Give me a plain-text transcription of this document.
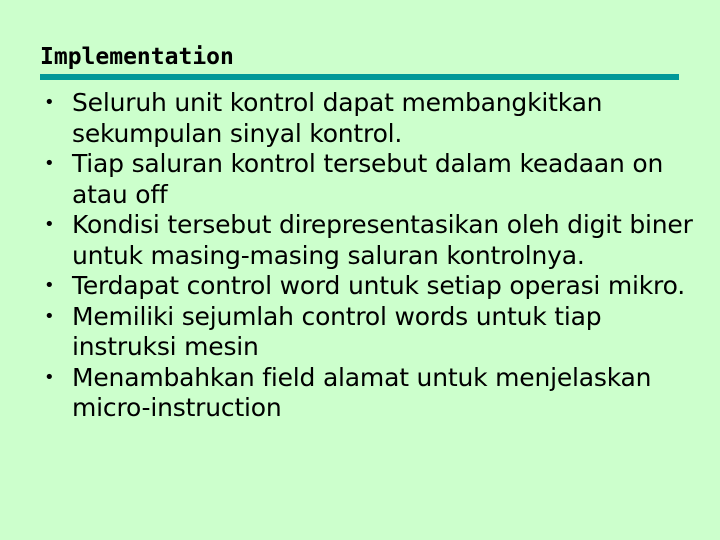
Implementation
• Seluruh unit kontrol dapat membangkitkan sekumpulan sinyal kontrol.
• Tiap saluran kontrol tersebut dalam keadaan on atau off
• Kondisi tersebut direpresentasikan oleh digit biner untuk masing-masing saluran kontrolnya.
• Terdapat control word untuk setiap operasi mikro.
• Memiliki sejumlah control words untuk tiap instruksi mesin
• Menambahkan field alamat untuk menjelaskan micro-instruction
